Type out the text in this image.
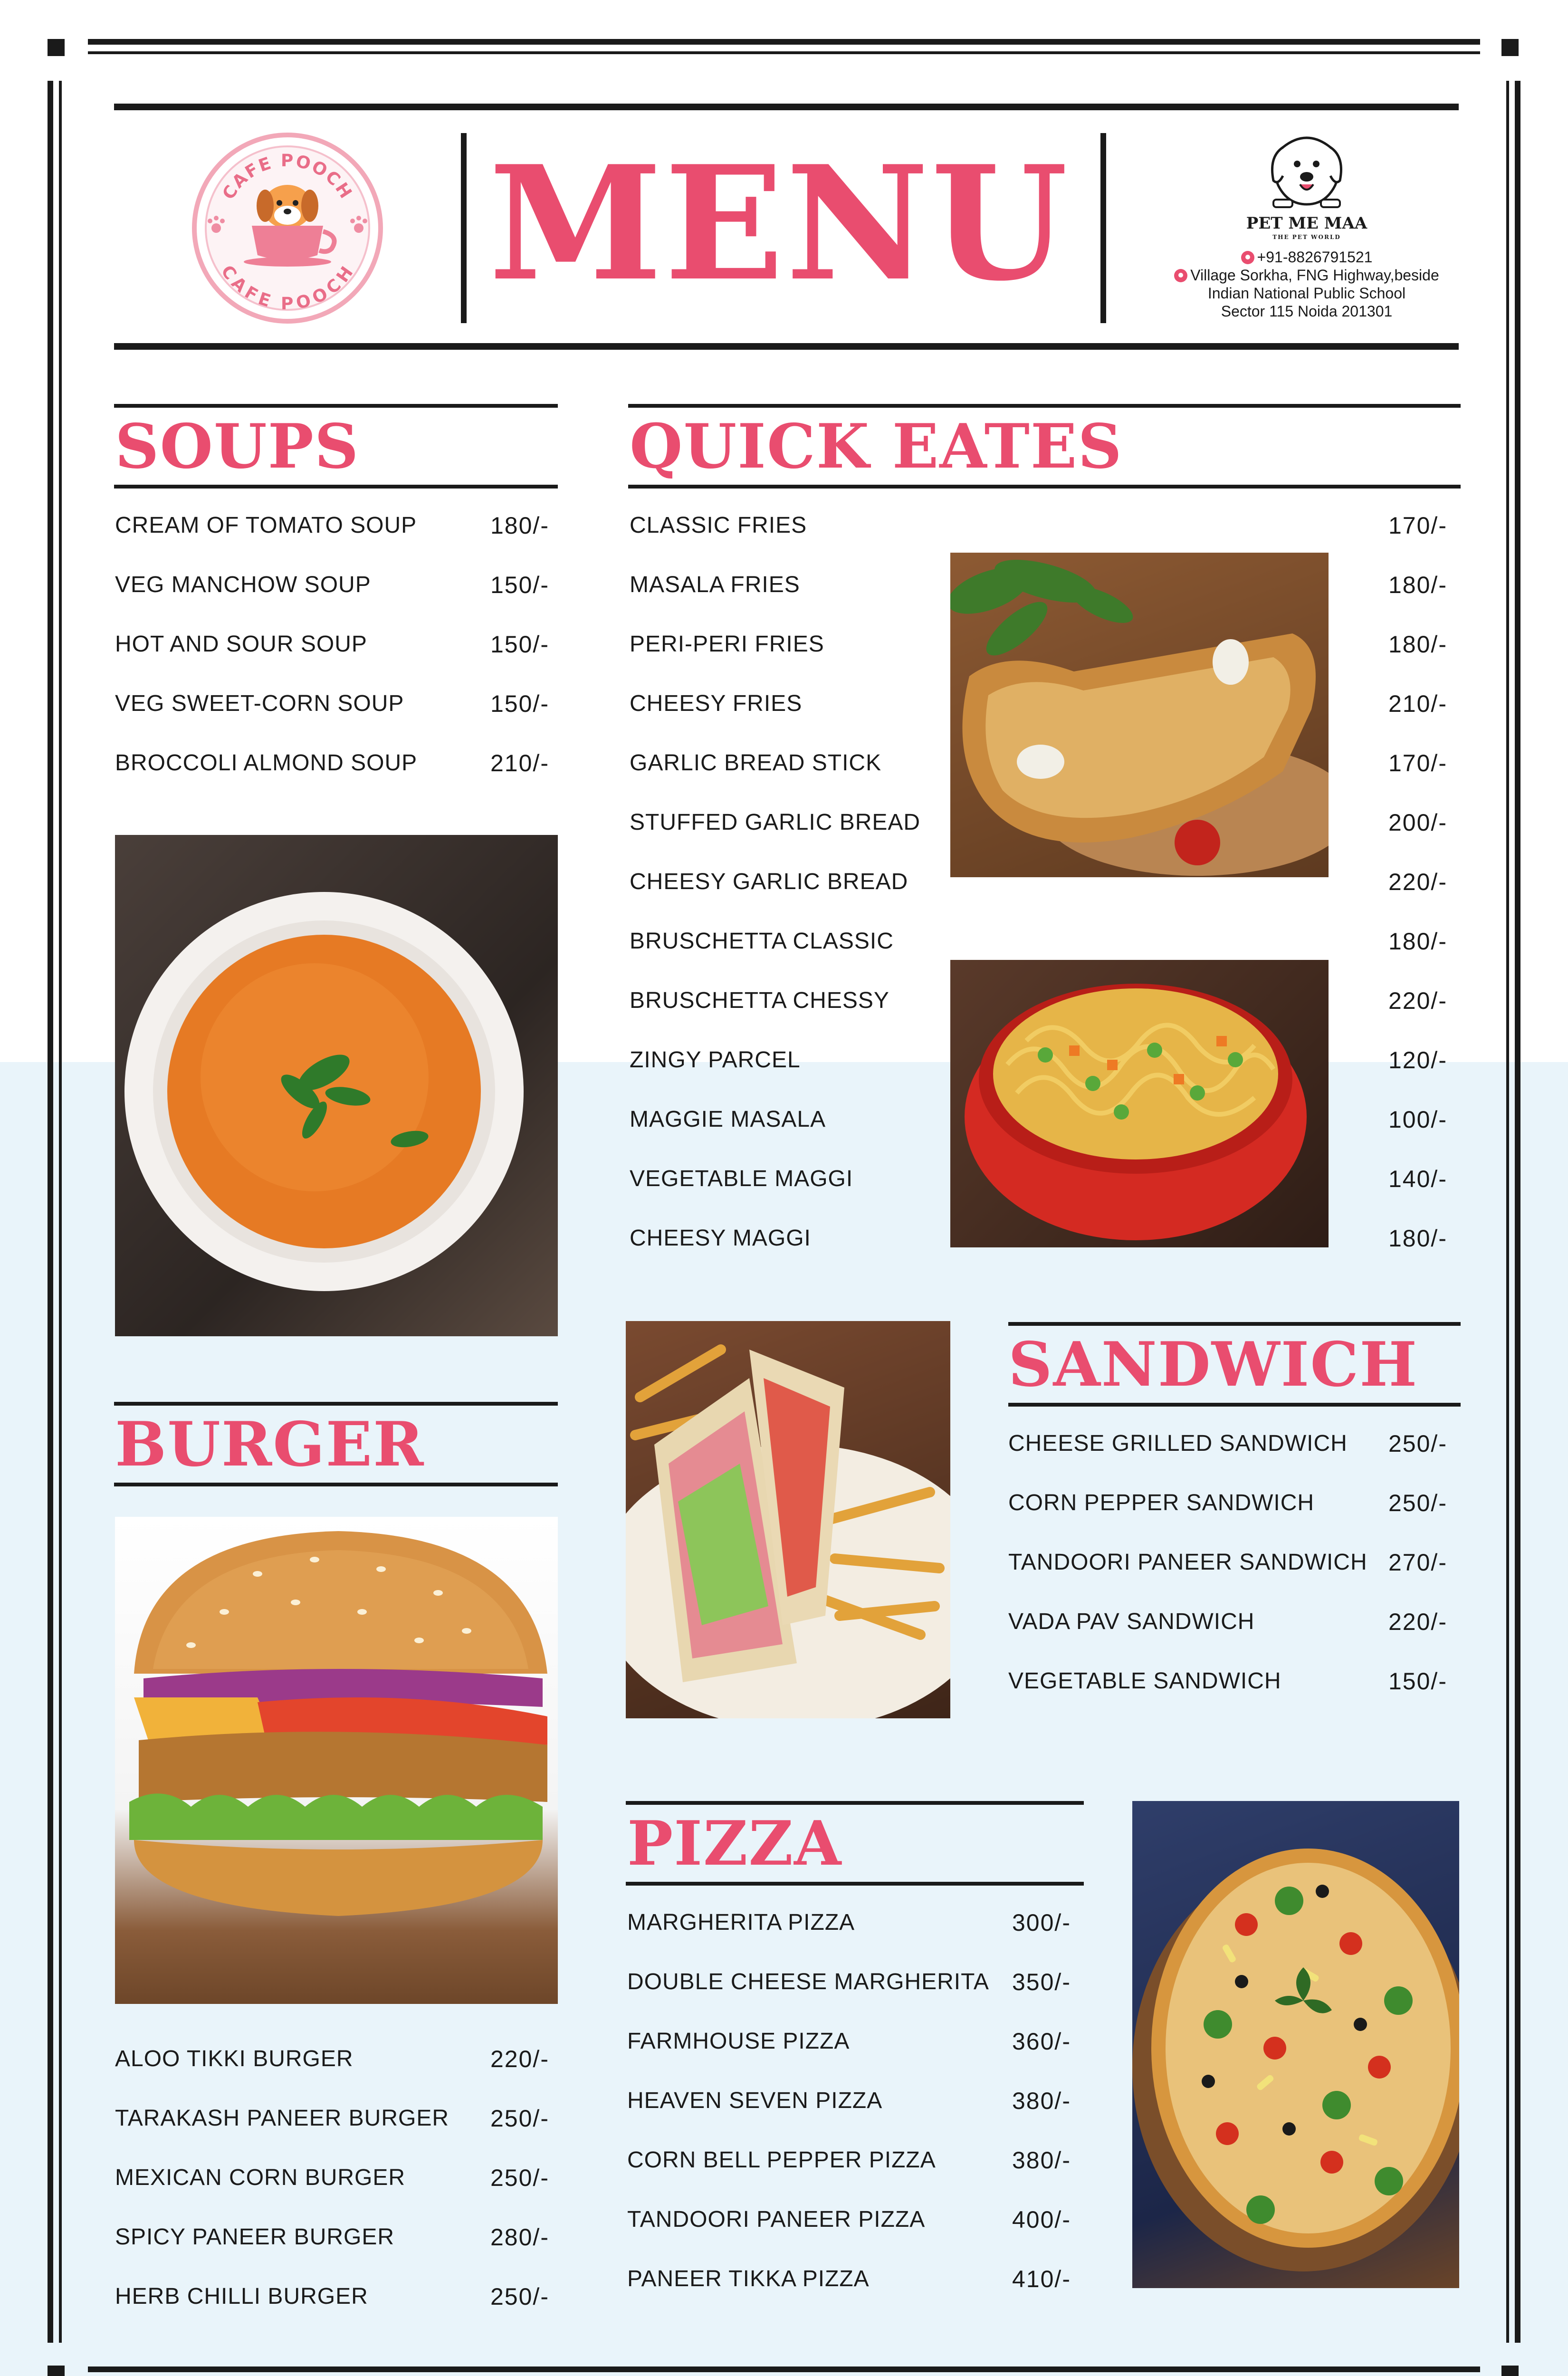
CAFE POOCH
CAFE POOCH MENU	PET ME MAA
THE PET WORLD
+91-8826791521
Village Sorkha, FNG Highway,beside
Indian National Public School
Sector 115 Noida 201301
SOUPS
CREAM OF TOMATO SOUP	180/-
VEG MANCHOW SOUP	150/-
HOT AND SOUR SOUP	150/-
VEG SWEET-CORN SOUP	150/-
BROCCOLI ALMOND SOUP	210/-
QUICK EATES
CLASSIC FRIES	170/-
MASALA FRIES	180/-
PERI-PERI FRIES	180/-
CHEESY FRIES	210/-
GARLIC BREAD STICK	170/-
STUFFED GARLIC BREAD	200/-
CHEESY GARLIC BREAD	220/-
BRUSCHETTA CLASSIC	180/-
BRUSCHETTA CHESSY	220/-
ZINGY PARCEL	120/-
MAGGIE MASALA	100/-
VEGETABLE MAGGI	140/-
CHEESY MAGGI	180/-
BURGER
ALOO TIKKI BURGER	220/-
TARAKASH PANEER BURGER 250/-
MEXICAN CORN BURGER	250/-
SPICY PANEER BURGER	280/-
HERB CHILLI BURGER	250/-
SANDWICH
CHEESE GRILLED SANDWICH 250/-
CORN PEPPER SANDWICH	250/-
TANDOORI PANEER SANDWICH 270/-
VADA PAV SANDWICH	220/-
VEGETABLE SANDWICH	150/-
PIZZA
MARGHERITA PIZZA	300/-
DOUBLE CHEESE MARGHERITA 350/-
FARMHOUSE PIZZA	360/-
HEAVEN SEVEN PIZZA	380/-
CORN BELL PEPPER PIZZA	380/-
TANDOORI PANEER PIZZA	400/-
PANEER TIKKA PIZZA	410/-
